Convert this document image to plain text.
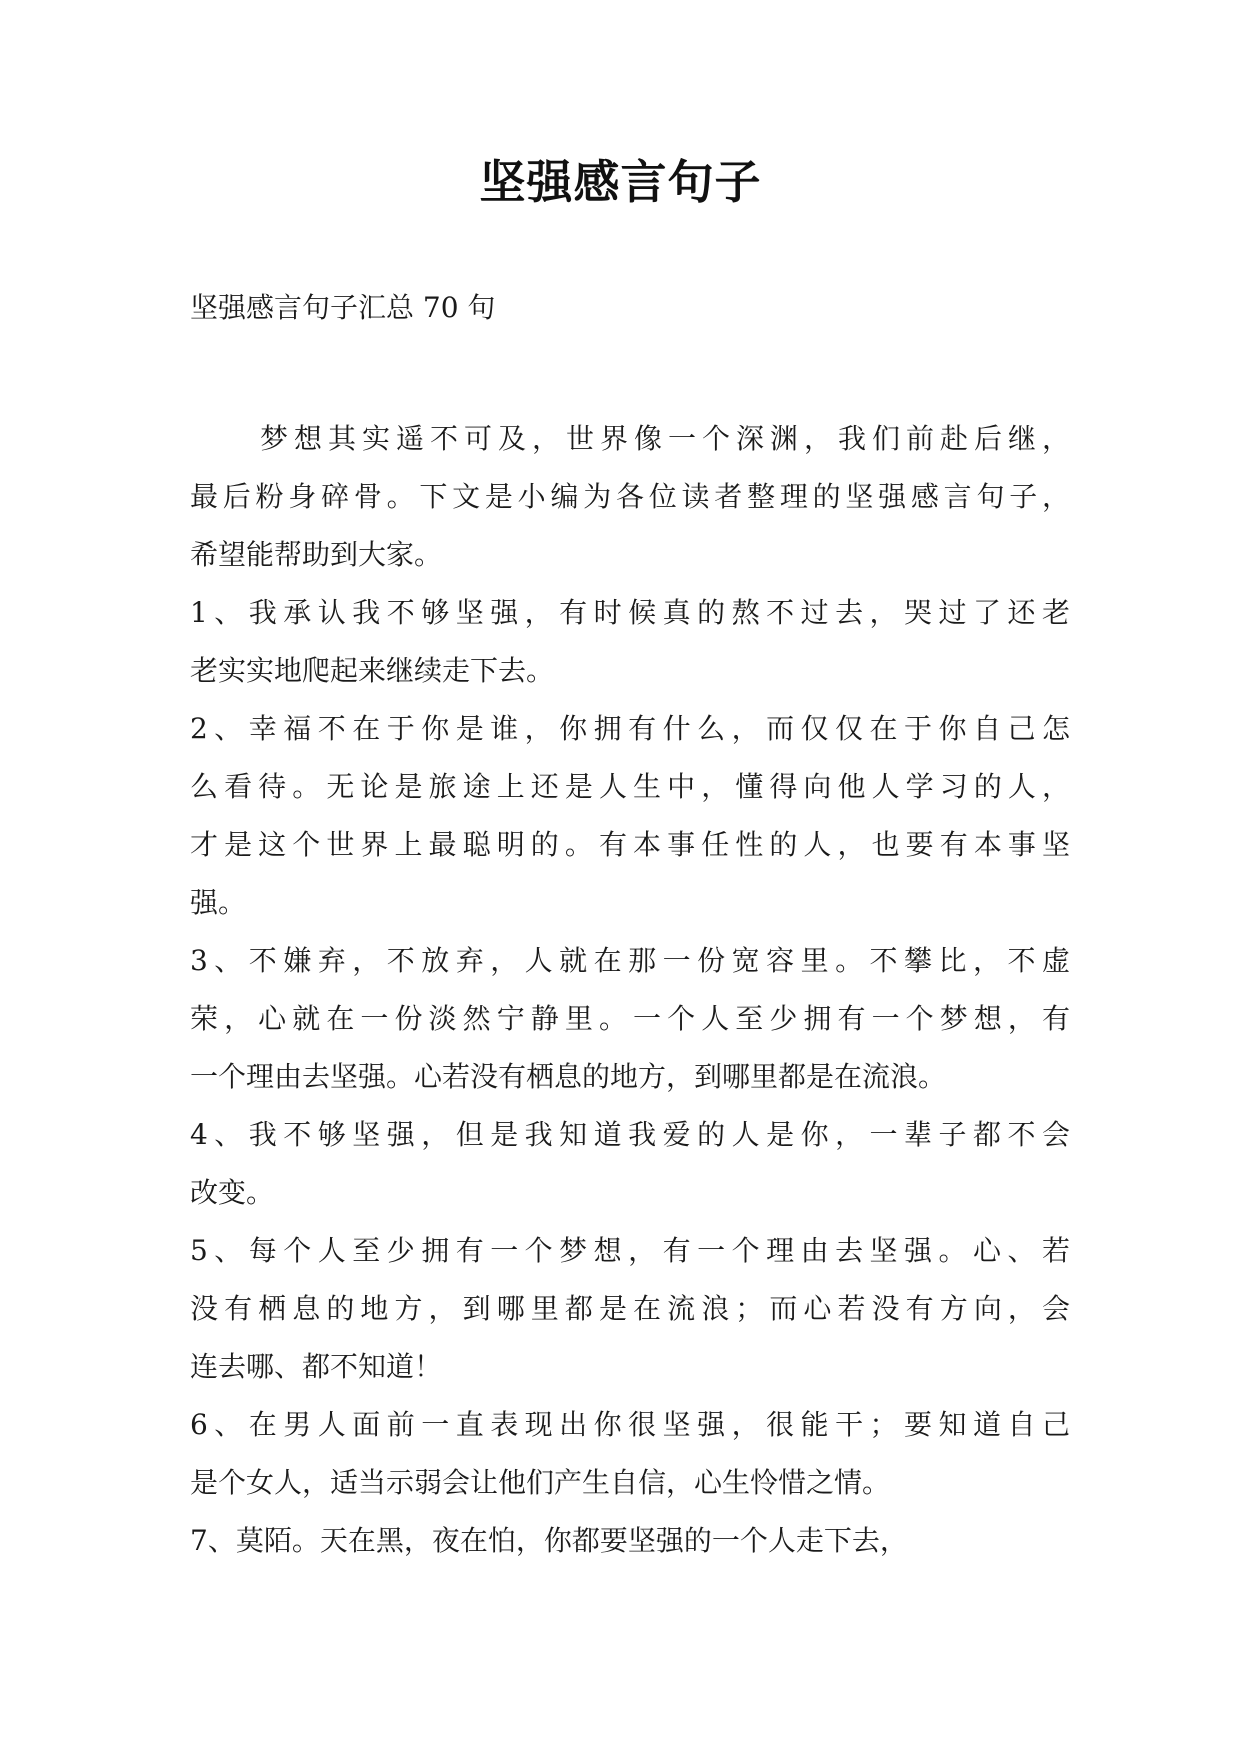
坚强感言句子
坚强感言句子汇总 70 句
梦想其实遥不可及，世界像一个深渊，我们前赴后继，
最后粉身碎骨。下文是小编为各位读者整理的坚强感言句子，
希望能帮助到大家。
1、我承认我不够坚强，有时候真的熬不过去，哭过了还老
老实实地爬起来继续走下去。
2、幸福不在于你是谁，你拥有什么，而仅仅在于你自己怎
么看待。无论是旅途上还是人生中，懂得向他人学习的人，
才是这个世界上最聪明的。有本事任性的人，也要有本事坚
强。
3、不嫌弃，不放弃，人就在那一份宽容里。不攀比，不虚
荣，心就在一份淡然宁静里。一个人至少拥有一个梦想，有
一个理由去坚强。心若没有栖息的地方，到哪里都是在流浪。
4、我不够坚强，但是我知道我爱的人是你，一辈子都不会
改变。
5、每个人至少拥有一个梦想，有一个理由去坚强。心、若
没有栖息的地方，到哪里都是在流浪；而心若没有方向，会
连去哪、都不知道！
6、在男人面前一直表现出你很坚强，很能干；要知道自己
是个女人，适当示弱会让他们产生自信，心生怜惜之情。
7、莫陌。天在黑，夜在怕，你都要坚强的一个人走下去，
